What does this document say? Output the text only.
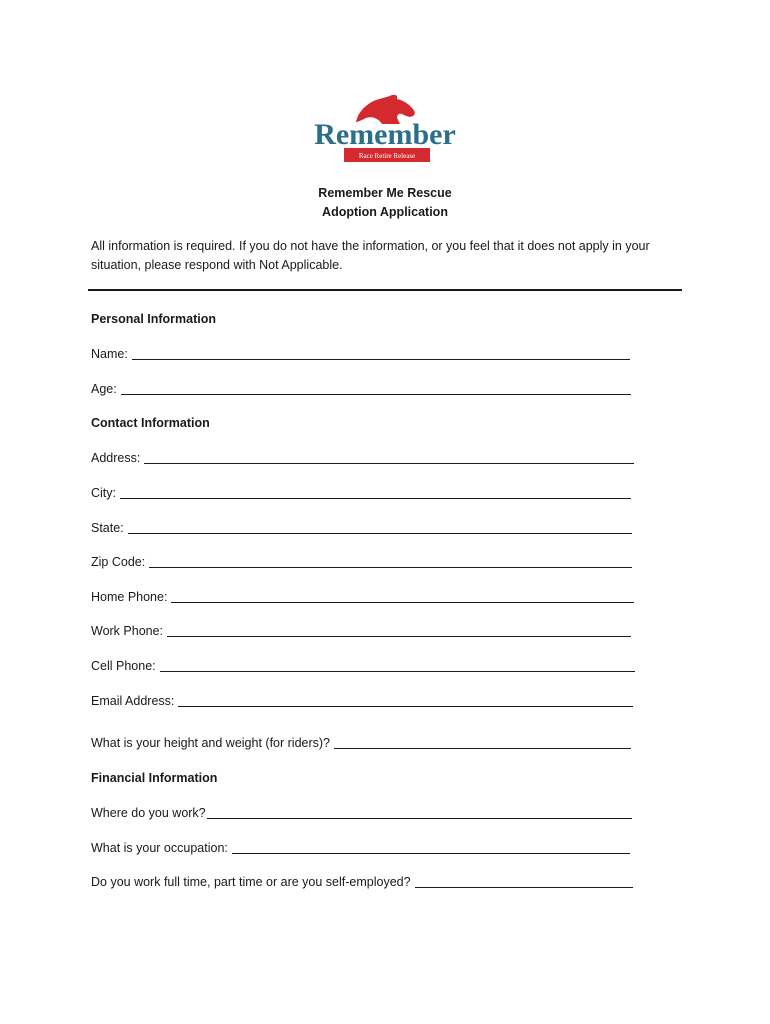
Remember
Race Retire Release
Remember Me Rescue
Adoption Application
All information is required. If you do not have the information, or you feel that it does not apply in your situation, please respond with Not Applicable.
Personal Information
Name:
Age:
Contact Information
Address:
City:
State:
Zip Code:
Home Phone:
Work Phone:
Cell Phone:
Email Address:
What is your height and weight (for riders)?
Financial Information
Where do you work?
What is your occupation:
Do you work full time, part time or are you self-employed?
